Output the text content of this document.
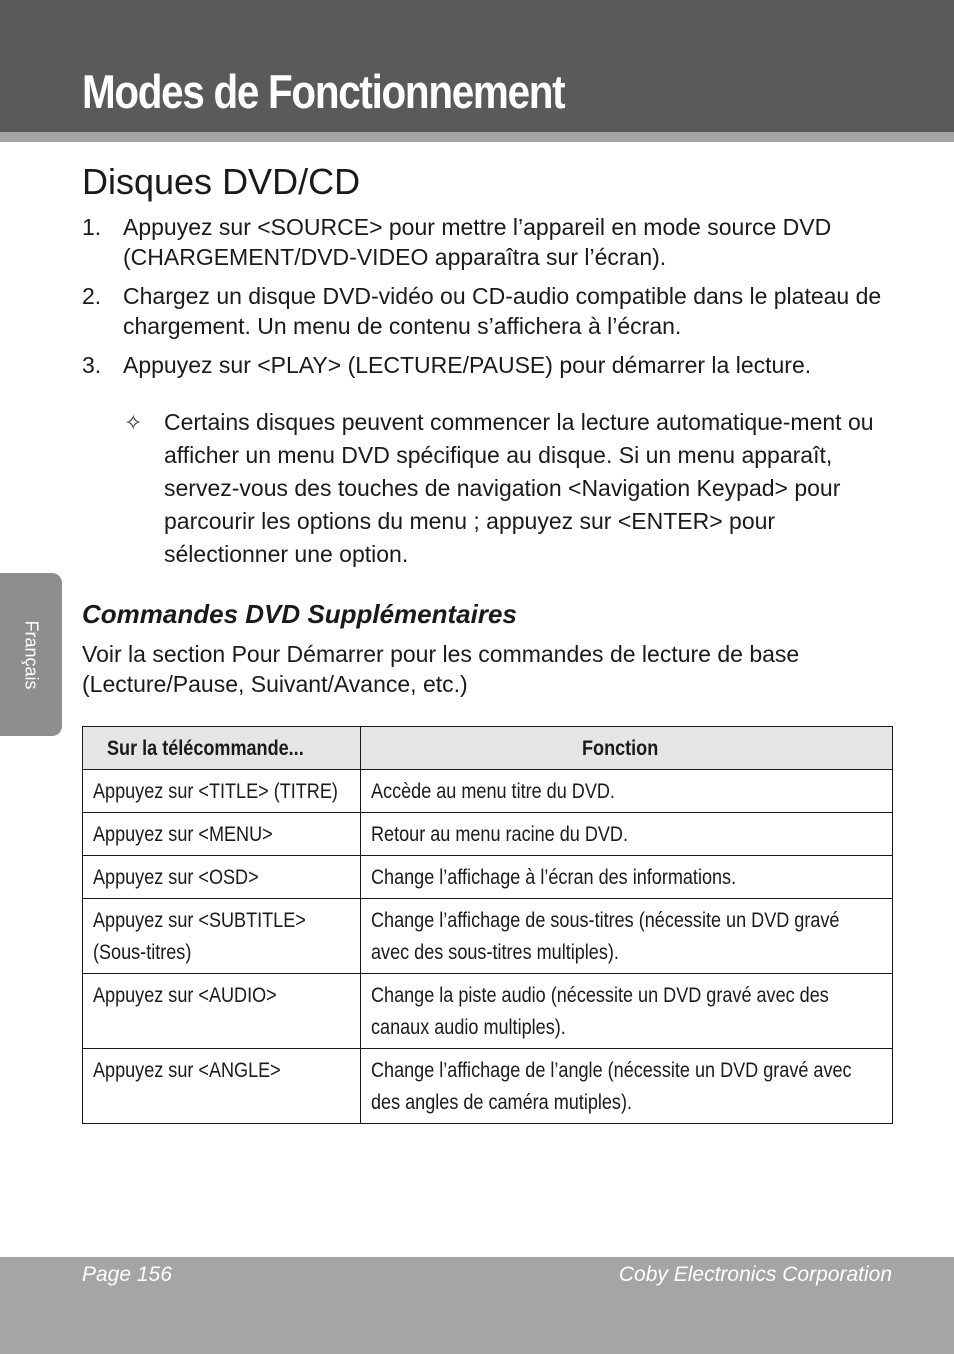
Modes de Fonctionnement
Français
Disques DVD/CD
1. Appuyez sur <SOURCE> pour mettre l’appareil en mode source DVD (CHARGEMENT/DVD-VIDEO apparaîtra sur l’écran).
2. Chargez un disque DVD-vidéo ou CD-audio compatible dans le plateau de chargement. Un menu de contenu s’affichera à l’écran.
3. Appuyez sur <PLAY> (LECTURE/PAUSE) pour démarrer la lecture.
✧ Certains disques peuvent commencer la lecture automatique-ment ou afficher un menu DVD spécifique au disque. Si un menu apparaît, servez-vous des touches de navigation <Navigation Keypad> pour parcourir les options du menu ; appuyez sur <ENTER> pour sélectionner une option.
Commandes DVD Supplémentaires

Voir la section Pour Démarrer pour les commandes de lecture de base (Lecture/Pause, Suivant/Avance, etc.)

Sur la télécommande...	Fonction

Appuyez sur <TITLE> (TITRE)	Accède au menu titre du DVD.

Appuyez sur <MENU>	Retour au menu racine du DVD.

Appuyez sur <OSD>	Change l’affichage à l’écran des informations.

Appuyez sur <SUBTITLE> (Sous-titres)	Change l’affichage de sous-titres (nécessite un DVD gravé avec des sous-titres multiples).

Appuyez sur <AUDIO>	Change la piste audio (nécessite un DVD gravé avec des canaux audio multiples).

Appuyez sur <ANGLE>	Change l’affichage de l’angle (nécessite un DVD gravé avec des angles de caméra mutiples).
Page 156	Coby Electronics Corporation
